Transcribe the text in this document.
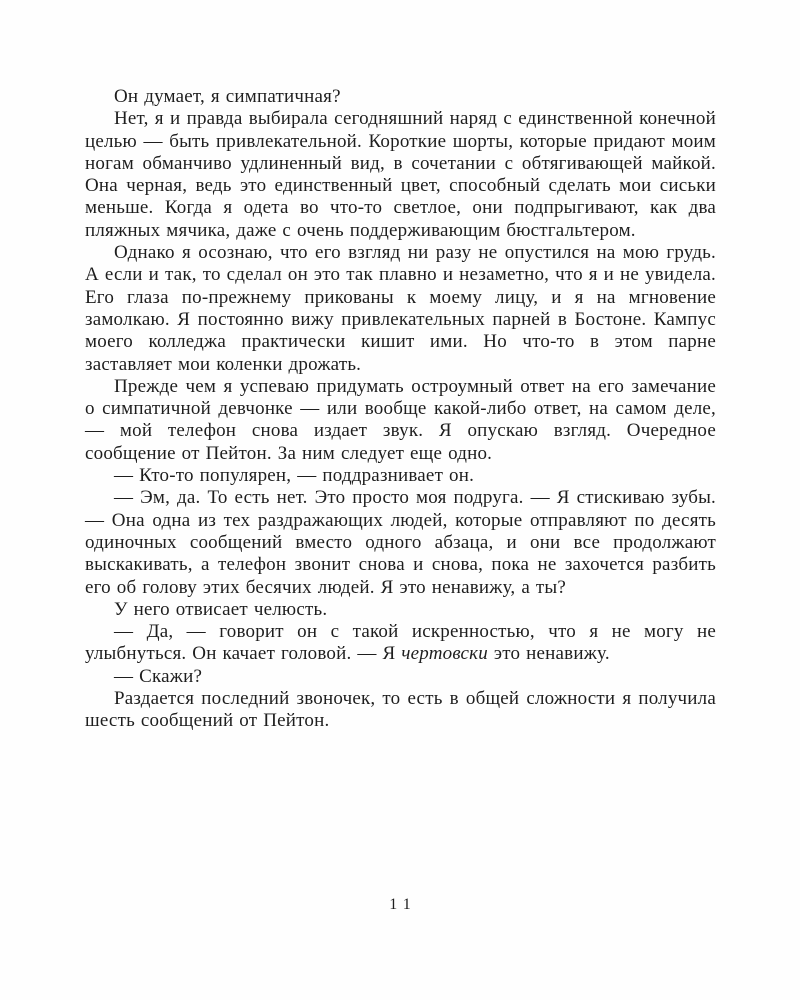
Он думает, я симпатичная?

Нет, я и правда выбирала сегодняшний наряд с единственной конечной целью — быть привлекательной. Короткие шорты, которые придают моим ногам обманчиво удлиненный вид, в сочетании с обтягивающей майкой. Она черная, ведь это единственный цвет, способный сделать мои сиськи меньше. Когда я одета во что-то светлое, они подпрыгивают, как два пляжных мячика, даже с очень поддерживающим бюстгальтером.

Однако я осознаю, что его взгляд ни разу не опустился на мою грудь. А если и так, то сделал он это так плавно и незаметно, что я и не увидела. Его глаза по-прежнему прикованы к моему лицу, и я на мгновение замолкаю. Я постоянно вижу привлекательных парней в Бостоне. Кампус моего колледжа практически кишит ими. Но что-то в этом парне заставляет мои коленки дрожать.

Прежде чем я успеваю придумать остроумный ответ на его замечание о симпатичной девчонке — или вообще какой-либо ответ, на самом деле, — мой телефон снова издает звук. Я опускаю взгляд. Очередное сообщение от Пейтон. За ним следует еще одно.

— Кто-то популярен, — поддразнивает он.

— Эм, да. То есть нет. Это просто моя подруга. — Я стискиваю зубы. — Она одна из тех раздражающих людей, которые отправляют по десять одиночных сообщений вместо одного абзаца, и они все продолжают выскакивать, а телефон звонит снова и снова, пока не захочется разбить его об голову этих бесячих людей. Я это ненавижу, а ты?

У него отвисает челюсть.

— Да, — говорит он с такой искренностью, что я не могу не улыбнуться. Он качает головой. — Я чертовски это ненавижу.

— Скажи?

Раздается последний звоночек, то есть в общей сложности я получила шесть сообщений от Пейтон.

11
